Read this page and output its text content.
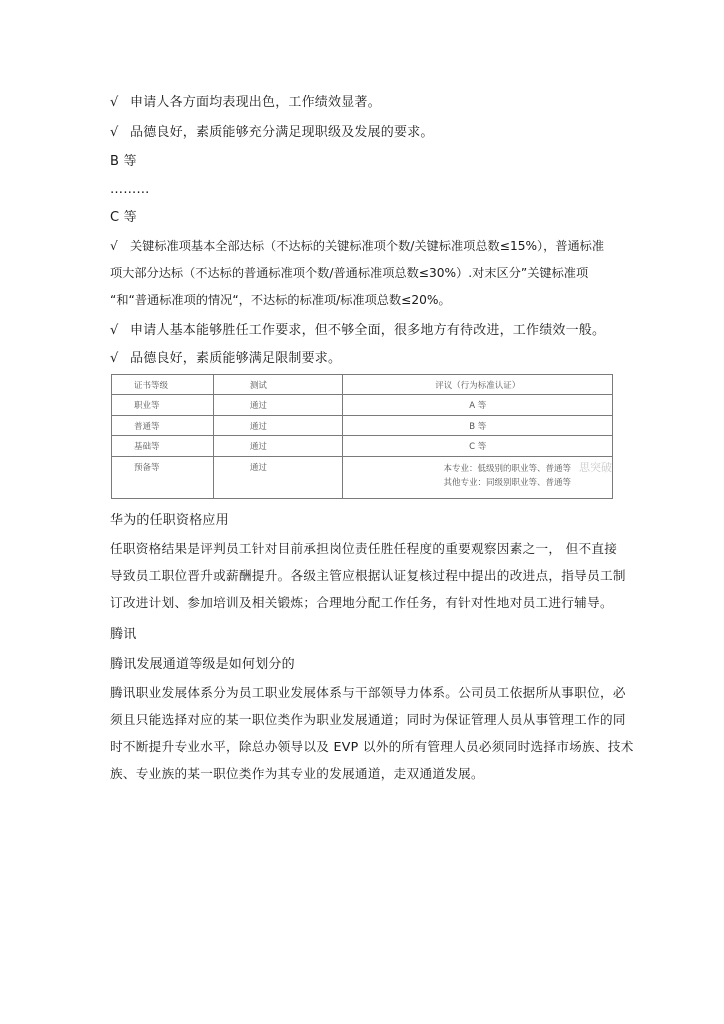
√ 申请人各方面均表现出色，工作绩效显著。
√ 品德良好，素质能够充分满足现职级及发展的要求。
B 等
………
C 等
√ 关键标准项基本全部达标（不达标的关键标准项个数/关键标准项总数≤15%），普通标准
项大部分达标（不达标的普通标准项个数/普通标准项总数≤30%）.对末区分”关键标准项
“和“普通标准项的情况“，不达标的标准项/标准项总数≤20%。
√ 申请人基本能够胜任工作要求，但不够全面，很多地方有待改进，工作绩效一般。
√ 品德良好，素质能够满足限制要求。
证书等级	测试	评议（行为标准认证）
职业等	通过	A 等
普通等	通过	B 等
基础等	通过	C 等
预备等	通过	本专业：低级别的职业等、普通等 思突破
其他专业：同级别职业等、普通等
华为的任职资格应用
任职资格结果是评判员工针对目前承担岗位责任胜任程度的重要观察因素之一， 但不直接
导致员工职位晋升或薪酬提升。各级主管应根据认证复核过程中提出的改进点，指导员工制
订改进计划、参加培训及相关锻炼；合理地分配工作任务，有针对性地对员工进行辅导。
腾讯
腾讯发展通道等级是如何划分的
腾讯职业发展体系分为员工职业发展体系与干部领导力体系。公司员工依据所从事职位，必
须且只能选择对应的某一职位类作为职业发展通道；同时为保证管理人员从事管理工作的同
时不断提升专业水平，除总办领导以及 EVP 以外的所有管理人员必须同时选择市场族、技术
族、专业族的某一职位类作为其专业的发展通道，走双通道发展。
